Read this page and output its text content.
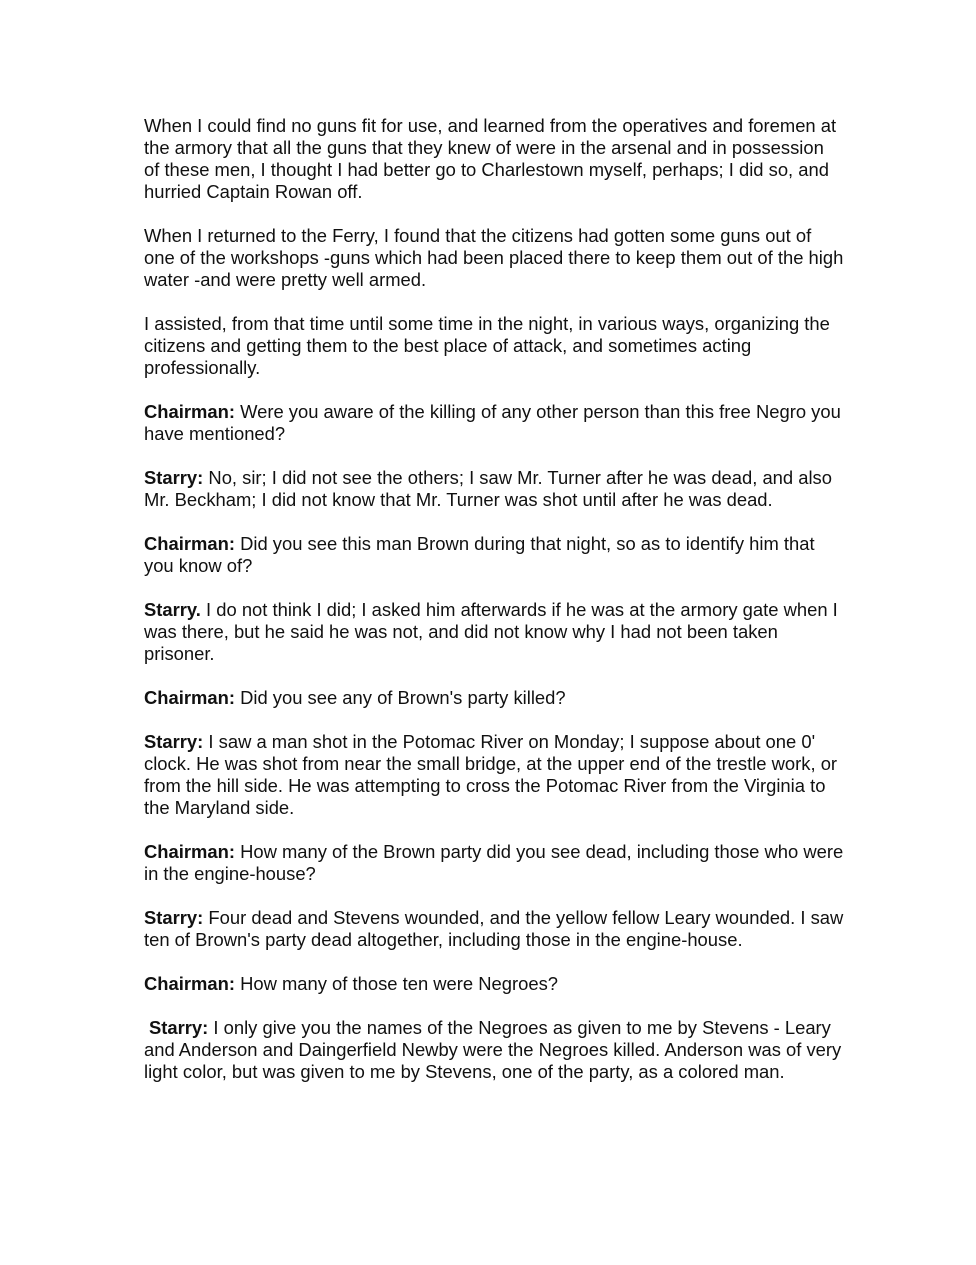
When I could find no guns fit for use, and learned from the operatives and foremen at the armory that all the guns that they knew of were in the arsenal and in possession of these men, I thought I had better go to Charlestown myself, perhaps; I did so, and hurried Captain Rowan off.

When I returned to the Ferry, I found that the citizens had gotten some guns out of one of the workshops -guns which had been placed there to keep them out of the high water -and were pretty well armed.

I assisted, from that time until some time in the night, in various ways, organizing the citizens and getting them to the best place of attack, and sometimes acting professionally.

Chairman: Were you aware of the killing of any other person than this free Negro you have mentioned?

Starry: No, sir; I did not see the others; I saw Mr. Turner after he was dead, and also Mr. Beckham; I did not know that Mr. Turner was shot until after he was dead.

Chairman: Did you see this man Brown during that night, so as to identify him that you know of?

Starry. I do not think I did; I asked him afterwards if he was at the armory gate when I was there, but he said he was not, and did not know why I had not been taken prisoner.

Chairman: Did you see any of Brown's party killed?

Starry: I saw a man shot in the Potomac River on Monday; I suppose about one 0' clock. He was shot from near the small bridge, at the upper end of the trestle work, or from the hill side. He was attempting to cross the Potomac River from the Virginia to the Maryland side.

Chairman: How many of the Brown party did you see dead, including those who were in the engine-house?

Starry: Four dead and Stevens wounded, and the yellow fellow Leary wounded. I saw ten of Brown's party dead altogether, including those in the engine-house.

Chairman: How many of those ten were Negroes?

Starry: I only give you the names of the Negroes as given to me by Stevens - Leary and Anderson and Daingerfield Newby were the Negroes killed. Anderson was of very light color, but was given to me by Stevens, one of the party, as a colored man.
